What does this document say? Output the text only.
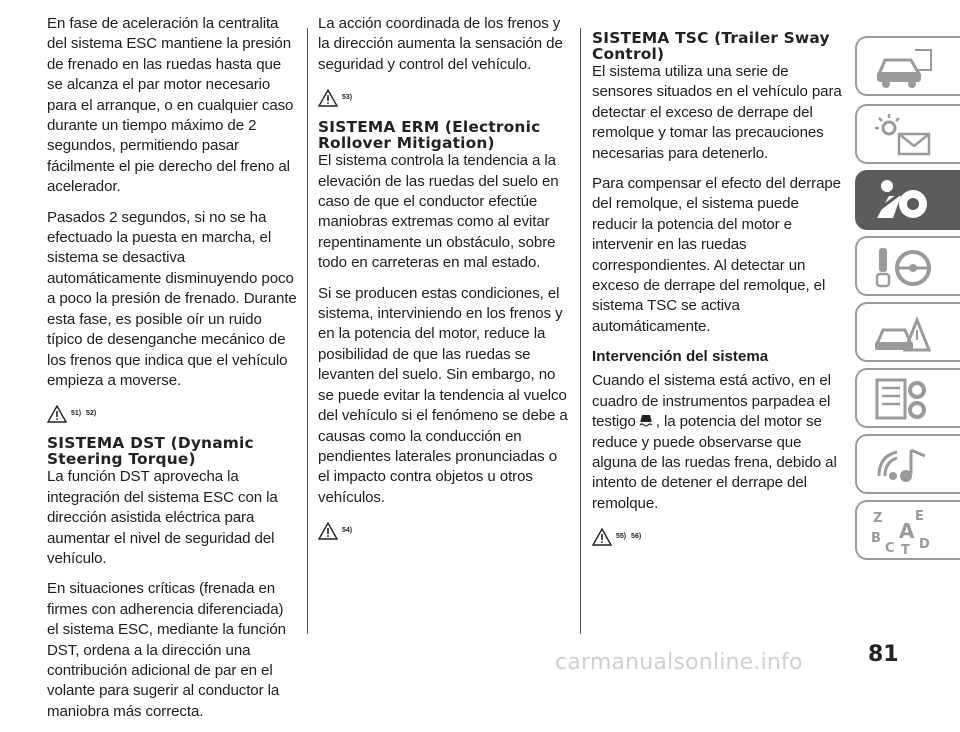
En fase de aceleración la centralita del sistema ESC mantiene la presión de frenado en las ruedas hasta que se alcanza el par motor necesario para el arranque, o en cualquier caso durante un tiempo máximo de 2 segundos, permitiendo pasar fácilmente el pie derecho del freno al acelerador.

Pasados 2 segundos, si no se ha efectuado la puesta en marcha, el sistema se desactiva automáticamente disminuyendo poco a poco la presión de frenado. Durante esta fase, es posible oír un ruido típico de desenganche mecánico de los frenos que indica que el vehículo empieza a moverse.

51) 52)
SISTEMA DST (Dynamic Steering Torque)

La función DST aprovecha la integración del sistema ESC con la dirección asistida eléctrica para aumentar el nivel de seguridad del vehículo.

En situaciones críticas (frenada en firmes con adherencia diferenciada) el sistema ESC, mediante la función DST, ordena a la dirección una contribución adicional de par en el volante para sugerir al conductor la maniobra más correcta.

La acción coordinada de los frenos y la dirección aumenta la sensación de seguridad y control del vehículo.

53)
SISTEMA ERM (Electronic Rollover Mitigation)

El sistema controla la tendencia a la elevación de las ruedas del suelo en caso de que el conductor efectúe maniobras extremas como al evitar repentinamente un obstáculo, sobre todo en carreteras en mal estado.

Si se producen estas condiciones, el sistema, interviniendo en los frenos y en la potencia del motor, reduce la posibilidad de que las ruedas se levanten del suelo. Sin embargo, no se puede evitar la tendencia al vuelco del vehículo si el fenómeno se debe a causas como la conducción en pendientes laterales pronunciadas o el impacto contra objetos u otros vehículos.

54)
SISTEMA TSC (Trailer Sway Control)

El sistema utiliza una serie de sensores situados en el vehículo para detectar el exceso de derrape del remolque y tomar las precauciones necesarias para detenerlo.

Para compensar el efecto del derrape del remolque, el sistema puede reducir la potencia del motor e intervenir en las ruedas correspondientes. Al detectar un exceso de derrape del remolque, el sistema TSC se activa automáticamente.

Intervención del sistema

Cuando el sistema está activo, en el cuadro de instrumentos parpadea el testigo , la potencia del motor se reduce y puede observarse que alguna de las ruedas frena, debido al intento de detener el derrape del remolque.

55) 56)
Z	E
B A
C T D
carmanualsonline.info	81
